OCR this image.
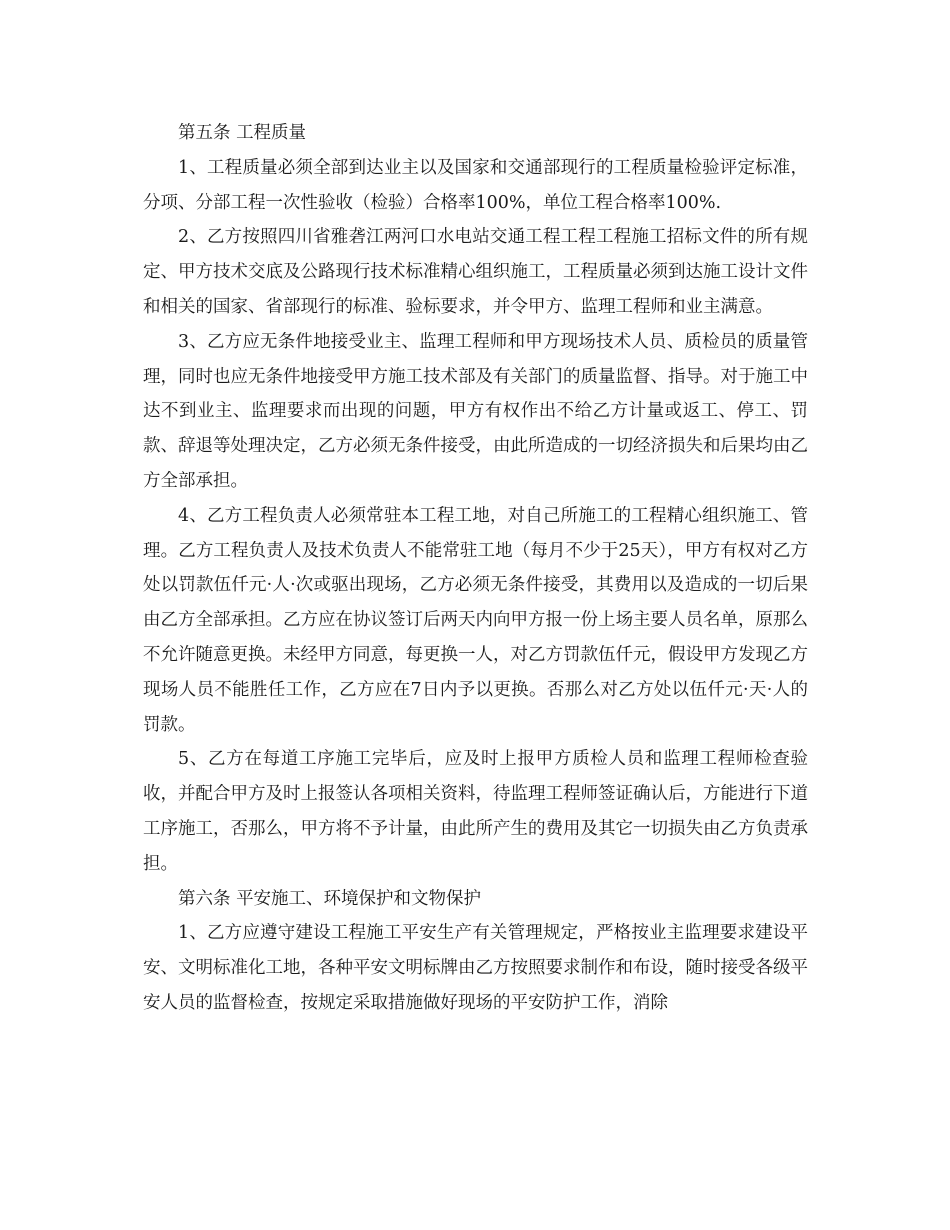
第五条 工程质量

1、工程质量必须全部到达业主以及国家和交通部现行的工程质量检验评定标准，分项、分部工程一次性验收（检验）合格率100%，单位工程合格率100%.

2、乙方按照四川省雅砻江两河口水电站交通工程工程工程施工招标文件的所有规定、甲方技术交底及公路现行技术标准精心组织施工，工程质量必须到达施工设计文件和相关的国家、省部现行的标准、验标要求，并令甲方、监理工程师和业主满意。

3、乙方应无条件地接受业主、监理工程师和甲方现场技术人员、质检员的质量管理，同时也应无条件地接受甲方施工技术部及有关部门的质量监督、指导。对于施工中达不到业主、监理要求而出现的问题，甲方有权作出不给乙方计量或返工、停工、罚款、辞退等处理决定，乙方必须无条件接受，由此所造成的一切经济损失和后果均由乙方全部承担。

4、乙方工程负责人必须常驻本工程工地，对自己所施工的工程精心组织施工、管理。乙方工程负责人及技术负责人不能常驻工地（每月不少于25天），甲方有权对乙方处以罚款伍仟元·人·次或驱出现场，乙方必须无条件接受，其费用以及造成的一切后果由乙方全部承担。乙方应在协议签订后两天内向甲方报一份上场主要人员名单，原那么不允许随意更换。未经甲方同意，每更换一人，对乙方罚款伍仟元，假设甲方发现乙方现场人员不能胜任工作，乙方应在7日内予以更换。否那么对乙方处以伍仟元·天·人的罚款。

5、乙方在每道工序施工完毕后，应及时上报甲方质检人员和监理工程师检查验收，并配合甲方及时上报签认各项相关资料，待监理工程师签证确认后，方能进行下道工序施工，否那么，甲方将不予计量，由此所产生的费用及其它一切损失由乙方负责承担。

第六条 平安施工、环境保护和文物保护

1、乙方应遵守建设工程施工平安生产有关管理规定，严格按业主监理要求建设平安、文明标准化工地，各种平安文明标牌由乙方按照要求制作和布设，随时接受各级平安人员的监督检查，按规定采取措施做好现场的平安防护工作，消除
